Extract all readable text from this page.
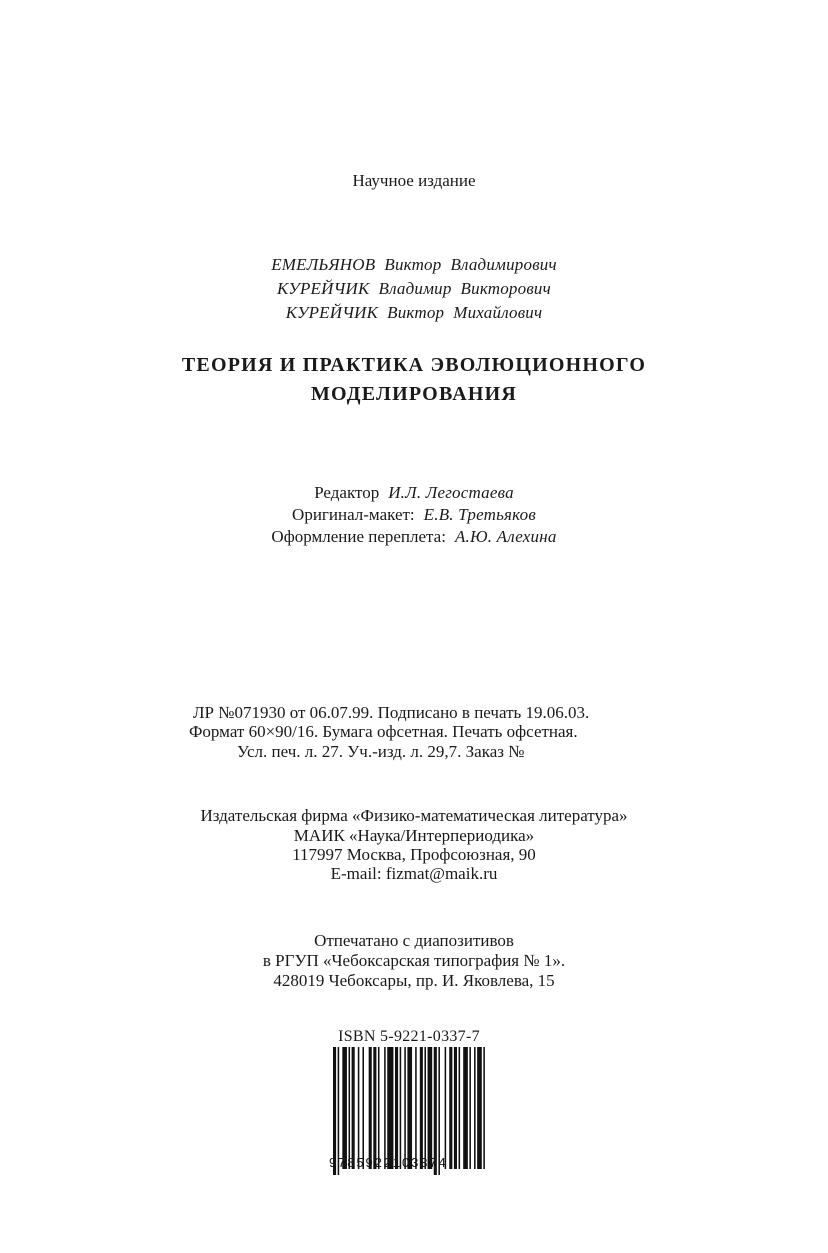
Научное издание
ЕМЕЛЬЯНОВ Виктор Владимирович
КУРЕЙЧИК Владимир Викторович
КУРЕЙЧИК Виктор Михайлович
ТЕОРИЯ И ПРАКТИКА ЭВОЛЮЦИОННОГО
МОДЕЛИРОВАНИЯ
Редактор И.Л. Легостаева
Оригинал-макет: Е.В. Третьяков
Оформление переплета: А.Ю. Алехина
ЛР №071930 от 06.07.99. Подписано в печать 19.06.03.
Формат 60×90/16. Бумага офсетная. Печать офсетная.
Усл. печ. л. 27. Уч.-изд. л. 29,7. Заказ №
Издательская фирма «Физико-математическая литература»
МАИК «Наука/Интерпериодика»
117997 Москва, Профсоюзная, 90
E-mail: fizmat@maik.ru
Отпечатано с диапозитивов
в РГУП «Чебоксарская типография № 1».
428019 Чебоксары, пр. И. Яковлева, 15
ISBN 5-9221-0337-7
9785922103374
